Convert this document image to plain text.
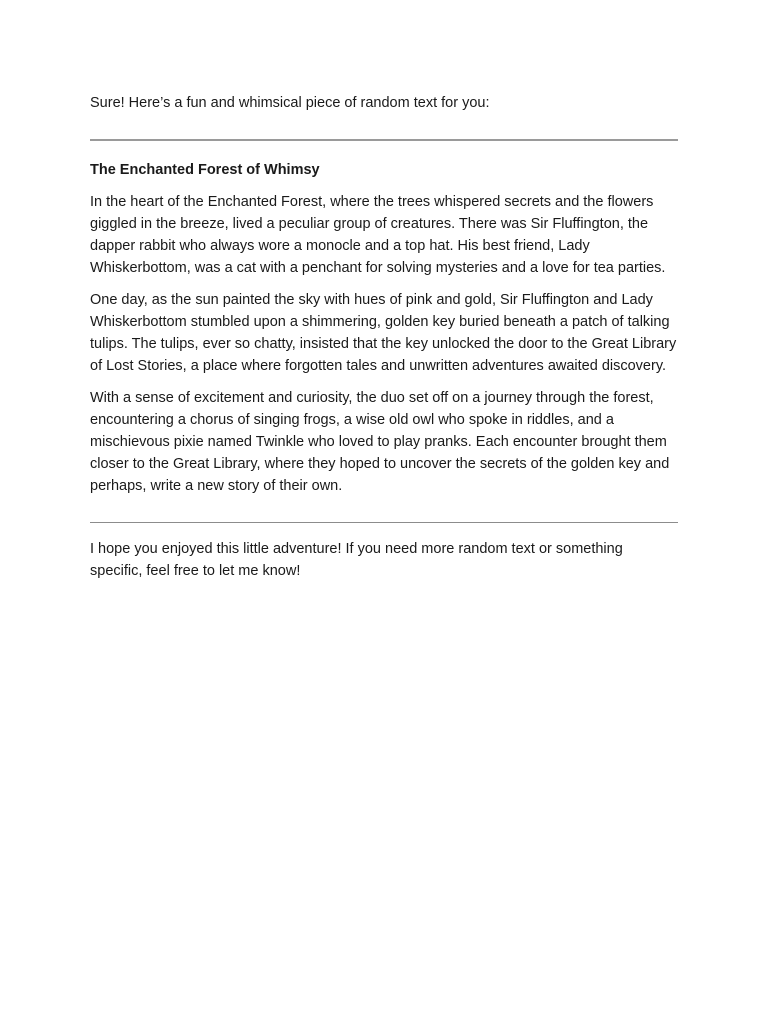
Sure! Here’s a fun and whimsical piece of random text for you:

The Enchanted Forest of Whimsy

In the heart of the Enchanted Forest, where the trees whispered secrets and the flowers giggled in the breeze, lived a peculiar group of creatures. There was Sir Fluffington, the dapper rabbit who always wore a monocle and a top hat. His best friend, Lady Whiskerbottom, was a cat with a penchant for solving mysteries and a love for tea parties.

One day, as the sun painted the sky with hues of pink and gold, Sir Fluffington and Lady Whiskerbottom stumbled upon a shimmering, golden key buried beneath a patch of talking tulips. The tulips, ever so chatty, insisted that the key unlocked the door to the Great Library of Lost Stories, a place where forgotten tales and unwritten adventures awaited discovery.

With a sense of excitement and curiosity, the duo set off on a journey through the forest, encountering a chorus of singing frogs, a wise old owl who spoke in riddles, and a mischievous pixie named Twinkle who loved to play pranks. Each encounter brought them closer to the Great Library, where they hoped to uncover the secrets of the golden key and perhaps, write a new story of their own.

I hope you enjoyed this little adventure! If you need more random text or something specific, feel free to let me know!
